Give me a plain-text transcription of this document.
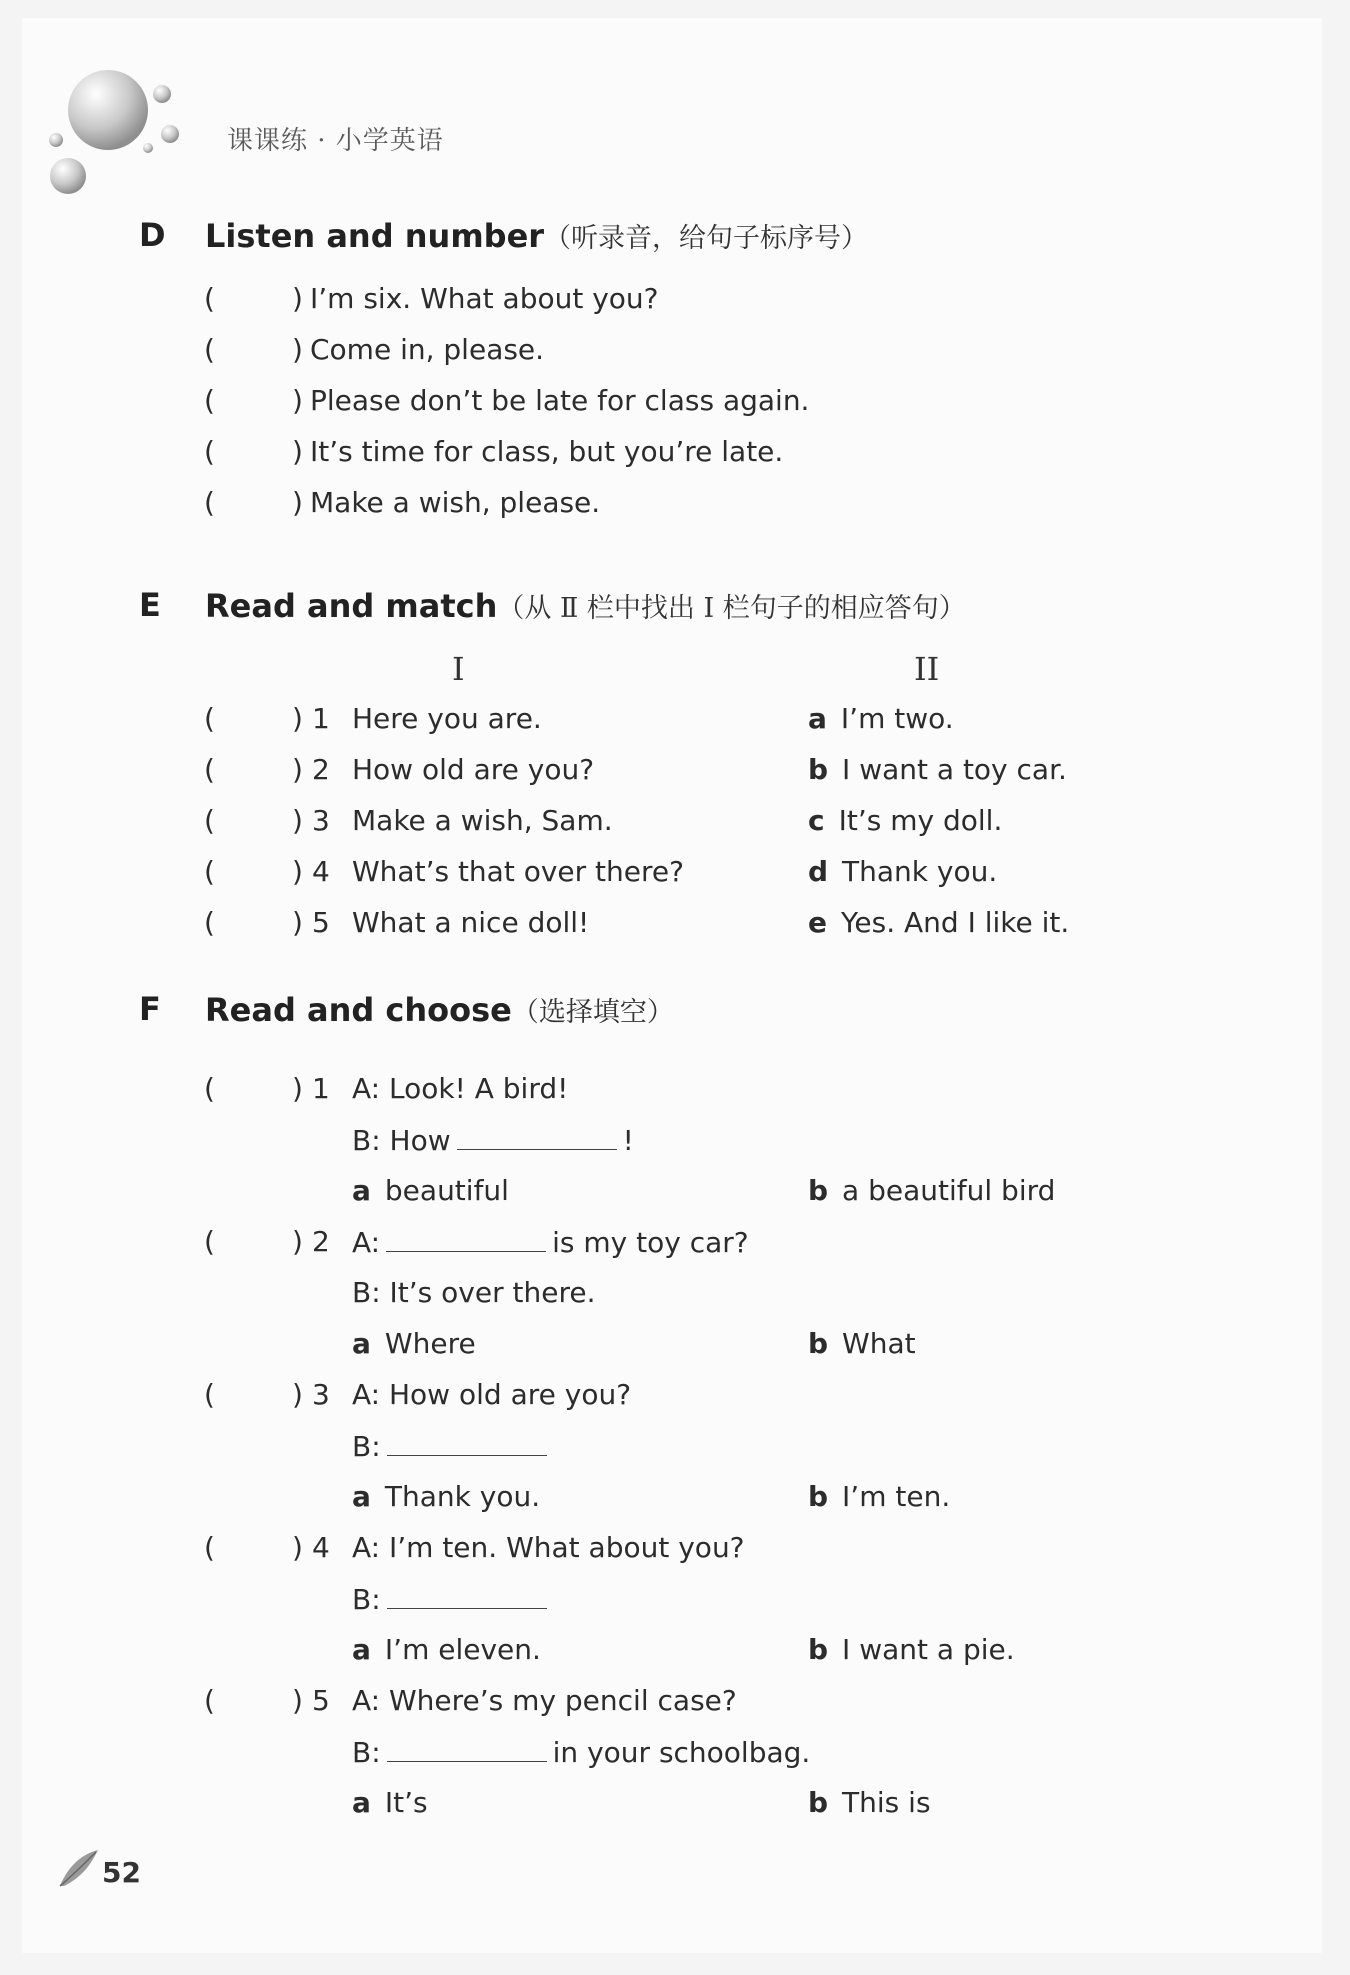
课课练 · 小学英语
D Listen and number（听录音，给句子标序号）
(	) I’m six. What about you?
(	) Come in, please.
(	) Please don’t be late for class again.
(	) It’s time for class, but you’re late.
(	) Make a wish, please.
E Read and match（从 Ⅱ 栏中找出 Ⅰ 栏句子的相应答句）
I	II
(	) 1 Here you are.	a I’m two.
(	) 2 How old are you?	b I want a toy car.
(	) 3 Make a wish, Sam.	c It’s my doll.
(	) 4 What’s that over there?	d Thank you.
(	) 5 What a nice doll!	e Yes. And I like it.
F Read and choose（选择填空）
(	) 1 A: Look! A bird!
B: How	!
a beautiful	b a beautiful bird
(	) 2 A:	is my toy car?
B: It’s over there.
a Where	b What
(	) 3 A: How old are you?
B:
a Thank you.	b I’m ten.
(	) 4 A: I’m ten. What about you?
B:
a I’m eleven.	b I want a pie.
(	) 5 A: Where’s my pencil case?
B:	in your schoolbag.
a It’s	b This is
52
